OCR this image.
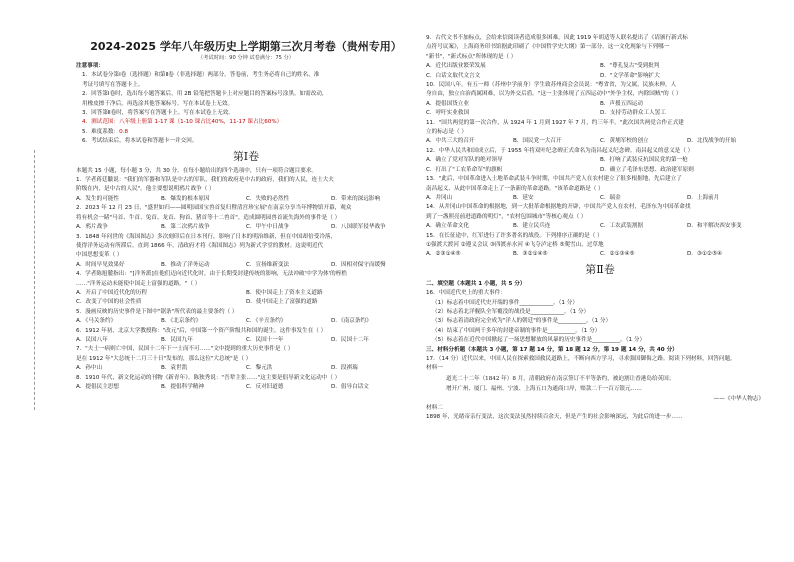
2024-2025 学年八年级历史上学期第三次月考卷（贵州专用）
（考试时间：90 分钟 试卷满分：75 分）
注意事项：
1．本试卷分第Ⅰ卷（选择题）和第Ⅱ卷（非选择题）两部分。答卷前，考生务必将自己的姓名、准
考证号填写在答题卡上。
2．回答第Ⅰ卷时，选出每小题答案后，用 2B 铅笔把答题卡上对应题目的答案标号涂黑。如需改动，
用橡皮擦干净后，再选涂其他答案标号。写在本试卷上无效。
3．回答第Ⅱ卷时，将答案写在答题卡上。写在本试卷上无效。
4．测试范围：八年级上册第 1-17 课（1-10 课占比40%，11-17 课占比60%）
5．难度系数：0.8
6．考试结束后，将本试卷和答题卡一并交回。
第Ⅰ卷
本题共 15 小题，每小题 3 分，共 30 分。在每小题给出的四个选项中，只有一项符合题目要求。
1．学者蒋廷黻说："我们的军器和军队是中古的军队，我们的政府是中古的政府，我们的人民，连士大夫
阶级在内，是中古的人民"。他主要想说明鸦片战争（ ）
A．发生的可能性	B．爆发的根本原因	C．失败的必然性	D．带来的深远影响
2．2023 年 12 月 23 日，"盛世如归——圆明园国宝兽首复归暨清宫珍宝展"在南京分享当年博物馆开幕，观众
将有机会一睹"马首、牛首、兔首、龙首、狗首、猪首等十二兽首"。造成圆明园兽首流失海外的事件是（ ）
A．鸦片战争	B．第二次鸦片战争	C．甲午中日战争	D．八国联军侵华战争
3．1848 年问世的《海国图志》多次刻印后在日本刊行，影响了日本的明治维新，但在中国却倍受冷落，
使得洋务运动有所滞后。直到 1866 年，清政府才将《海国图志》列为新式学堂的教材。这说明近代
中国思想变革（ ）
A．时间早见效果好	B．推动了洋务运动	C．宣扬维新变法	D．因相对保守而缓慢
4．学者陈旭麓指出："[洋务派]在他们迈向近代化时，由于长期受封建传统的影响，无法冲破'中学为体'的桎梏
……"洋务运动未能使中国走上富强的道路。"（ ）
A．开启了中国近代化的历程	B．使中国走上了资本主义道路
C．改变了中国的社会性质	D．使中国走上了富强的道路
5．漫画反映的历史事件是下图中"锯条"所代表的最主要条约（ ）
A．《马关条约》	B．《北京条约》	C．《辛丑条约》	D．《南京条约》
6．1912 年初，北京大学教授称："改元"后，中国第一个资产阶级共和国的诞生。这件事发生在（ ）
A．民国八年	B．民国九年	C．民国十一年	D．民国十二年
7．"夫士一病则亡中国，民国十二年下一士而不可……"文中提到的重大历史事件是（ ）
是在 1912 年"大总统十二月三十日"发布的，那么这位"大总统"是（ ）
A．孙中山	B．袁世凯	C．黎元洪	D．段祺瑞
8．1910 年代，新文化运动的刊物《新青年》。陈独秀说："吾辈主张……"这主要是倡导新文化运动中（ ）
A．提倡民主思想	B．提倡科学精神	C．反对旧道德	D．倡导白话文
9．古代文书不加标点，会给来信阅读者造成很多困难。因此 1919 年胡适等人联名提出了《请颁行新式标
点符号议案》，上海商务印书馆据此印刷了《中国哲学史大纲》第一部分。这一文化现象与下列哪一
"新书"，"新式标点"所体现的是（ ）
A．近代出版业繁荣发展	B．"尊孔复古"受到批判
C．白话文取代文言文	D．"文学革命"影响扩大
10．民国八年，有五一师（苏州中学前身）学生致苏州商会会员说："粤省省，为父属，民族未伸，人
身自由，独立自治尚属困难，以为外交后盾。"这一主张体现了五四运动中"外争主权，内除国贼"的（ ）
A．提倡国货立业	B．声援五四运动
C．呼吁实业救国	D．支持劳动群众工人罢工
11．"国共两党的第一次合作，从 1924 年 1 月到 1927 年 7 月，约三年半。"此次国共两党合作正式建
立的标志是（ ）
A．中共三大的召开	B．国民党一大召开	C．黄埔军校的创立	D．北伐战争的开始
12．中华人民共和国成立后，于 1955 年将双叶纪念碑正式命名为南昌起义纪念碑。南昌起义的意义是（ ）
A．确立了党对军队的绝对领导	B．打响了武装反抗国民党的第一枪
C．打出了"工农革命军"的旗帜	D．确立了毛泽东思想、政治建军原则
13．"此后，中国革命进入土地革命武装斗争时期，中国共产党人在农村建立了很多根据地，先后建立了
南昌起义、从此中国革命走上了一条新的革命道路。"该革命道路是（ ）
A．井冈山	B．延安	C．瑞金	D．上海前月
14．从井冈山中国革命的根据地，到一大批革命根据地的开辟，中国共产党人在农村，毛泽东为中国革命找
到了一盏照亮前进道路的明灯"，"农村包围城市"等核心观点（ ）
A．确立革命文化	B．建立民兵连	C．工农武装割据	D．和平解决西安事变
15．在长征途中，红军进行了许多著名的战役。下列排序正确的是（ ）
①强渡大渡河 ②遵义会议 ③四渡赤水河 ④飞夺泸定桥 ⑤爬雪山、过草地
A．②③①④⑤	B．③②①④⑤	C．②①③④⑤	D．③①②⑤④
第Ⅱ卷
二、填空题（本题共 1 小题，共 5 分）
16．中国近代史上的重大事件：
（1）标志着中国近代史开端的事件____________。（1 分）
（2）标志着北洋舰队全军覆没的战役是____________。（1 分）
（3）标志着清政府完全成为"洋人的朝廷"的事件是__________。（1 分）
（4）结束了中国两千多年的封建帝制的事件是__________。（1 分）
（5）标志着在近代中国掀起了一场思想解放的风暴的历史事件是__________。（1 分）
三、材料分析题（本题共 3 小题，第 17 题 14 分，第 18 题 12 分，第 19 题 14 分，共 40 分）
17．（14 分）近代以来，中国人民在探索救国救民道路上，不断向西方学习，寻求强国御侮之路。阅读下列材料，回答问题。
材料一
道光二十二年（1842 年）8 月，清朝政府在南京签订不平等条约，被迫割让香港岛给英国；
增开广州、厦门、福州、宁波、上海五口为通商口岸，赔款二千一百万银元……
——《中华人物志》
材料二
1898 年，光绪帝亲行变法，这次变法虽然持续百余天，但是产生的社会影响深远，为此后的进一步……
